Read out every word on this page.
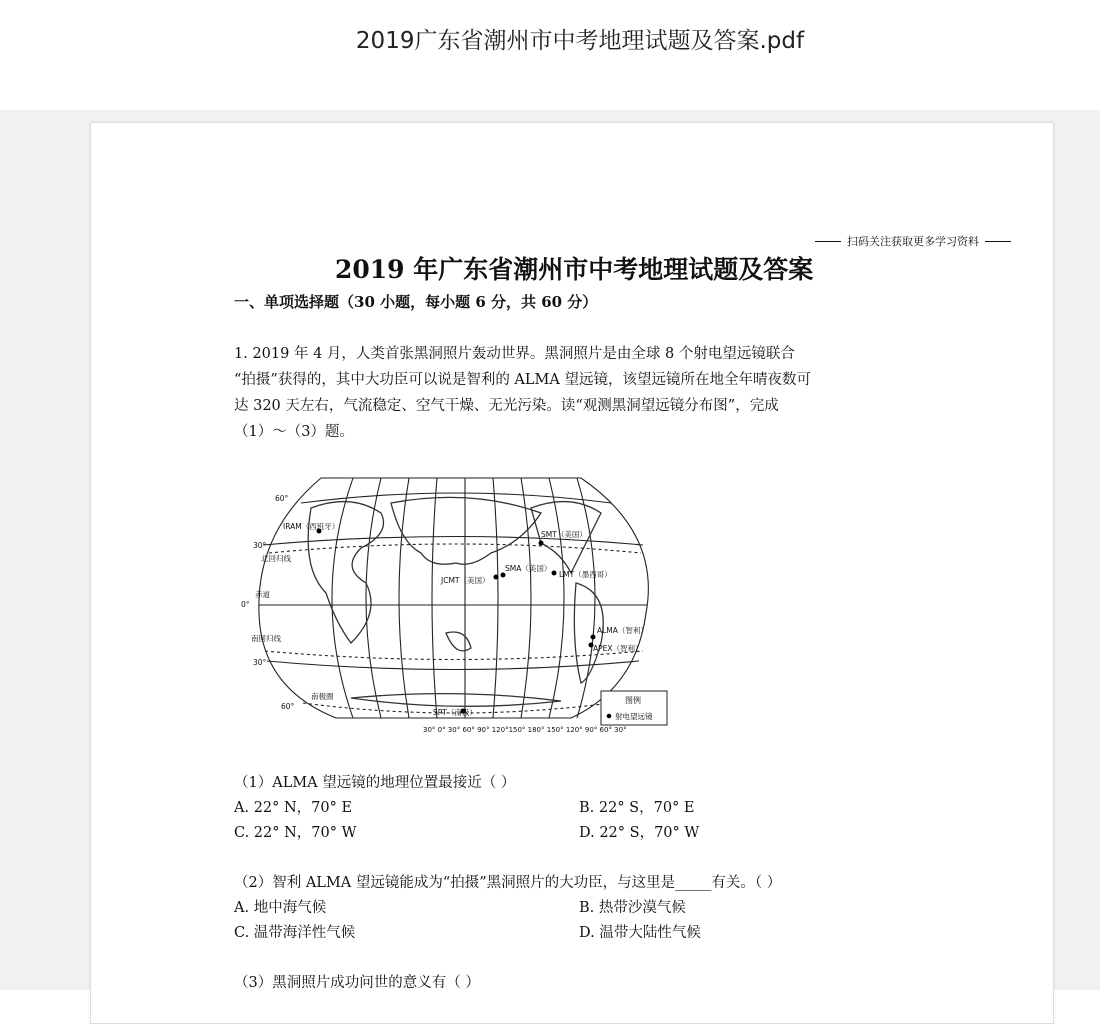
2019广东省潮州市中考地理试题及答案.pdf
扫码关注获取更多学习资料
2019 年广东省潮州市中考地理试题及答案
一、单项选择题（30 小题，每小题 6 分，共 60 分）
1. 2019 年 4 月，人类首张黑洞照片轰动世界。黑洞照片是由全球 8 个射电望远镜联合
“拍摄”获得的，其中大功臣可以说是智利的 ALMA 望远镜，该望远镜所在地全年晴夜数可
达 320 天左右，气流稳定、空气干燥、无光污染。读“观测黑洞望远镜分布图”，完成
（1）～（3）题。
60°
30°
0°
30°
60°
IRAM（西班牙）
北回归线
赤道
南回归线
南极圈
SMT（美国）
JCMT（美国）
SMA（美国）
LMT（墨西哥）
ALMA（智利）
APEX（智利）
SPT（南极）
30° 0° 30° 60° 90° 120°150° 180° 150° 120° 90° 60° 30°
图例
射电望远镜
（1）ALMA 望远镜的地理位置最接近（ ）
A. 22° N，70° E	B. 22° S，70° E
C. 22° N，70° W	D. 22° S，70° W
（2）智利 ALMA 望远镜能成为“拍摄”黑洞照片的大功臣，与这里是_____有关。（ ）
A. 地中海气候	B. 热带沙漠气候
C. 温带海洋性气候	D. 温带大陆性气候
（3）黑洞照片成功问世的意义有（ ）
